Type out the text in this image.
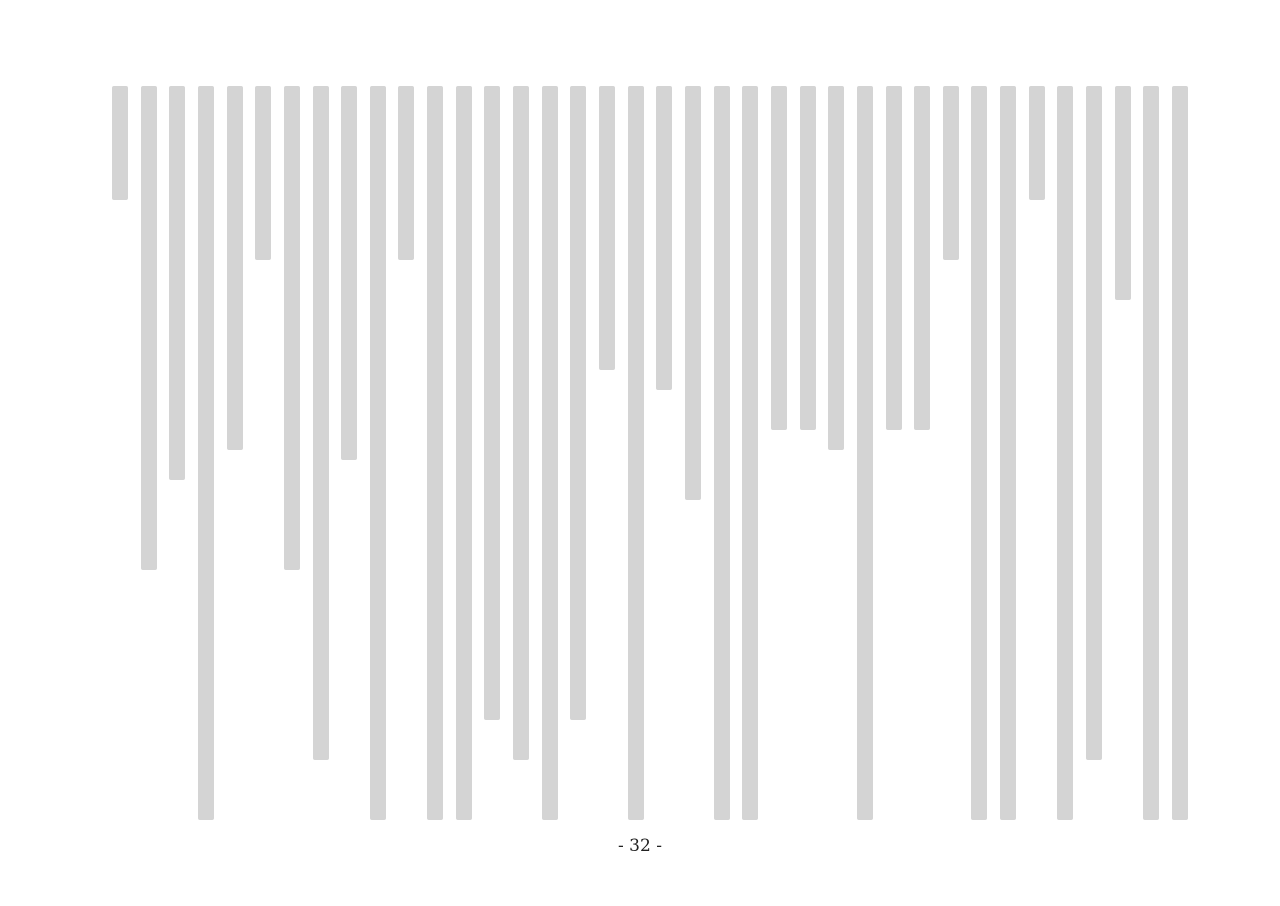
- 32 -
